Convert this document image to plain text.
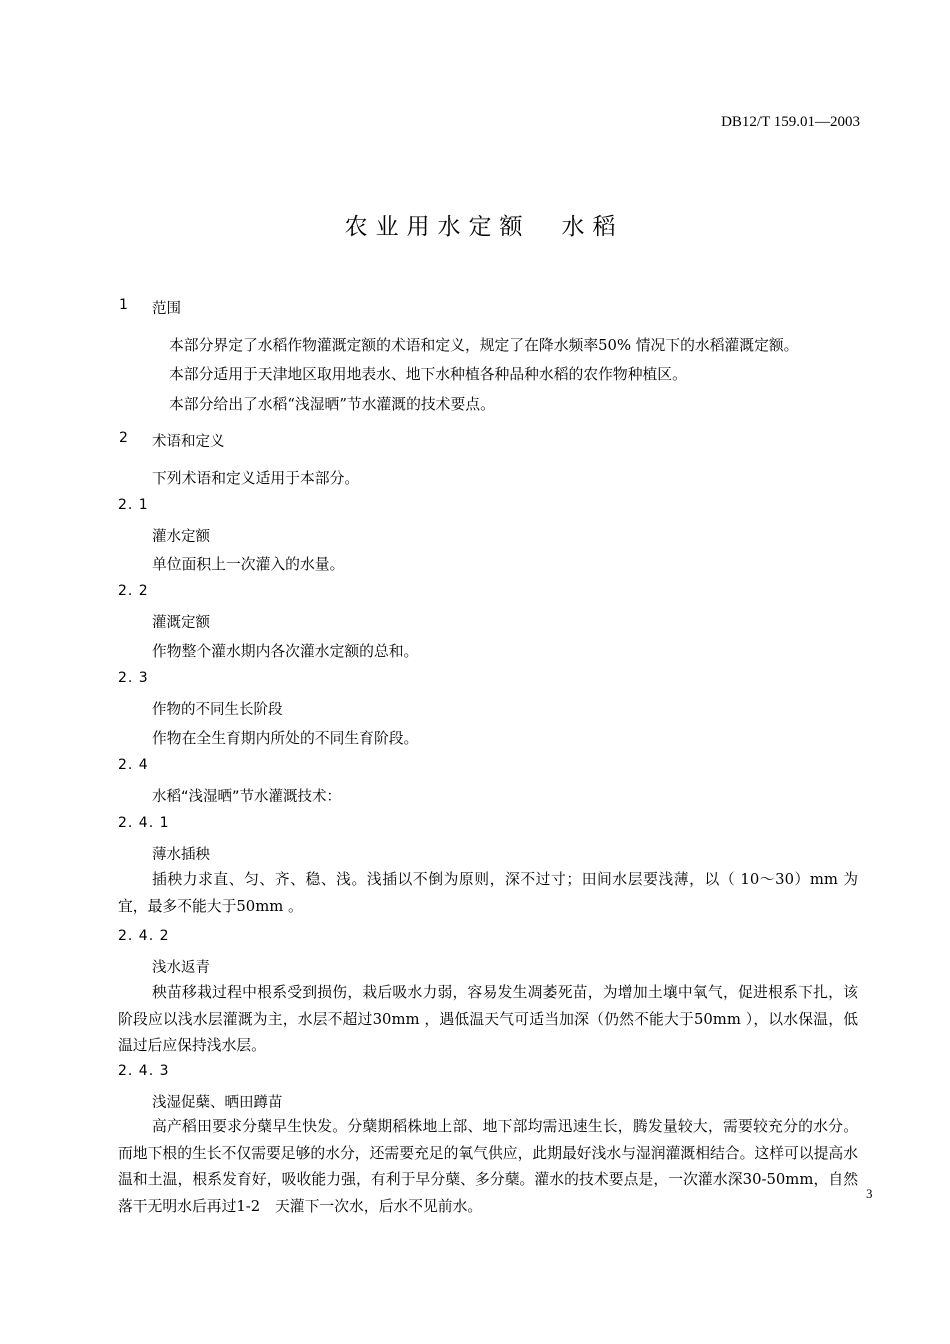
DB12/T 159.01—2003
农业用水定额　水稻
1 范围
本部分界定了水稻作物灌溉定额的术语和定义，规定了在降水频率50% 情况下的水稻灌溉定额。
本部分适用于天津地区取用地表水、地下水种植各种品种水稻的农作物种植区。
本部分给出了水稻“浅湿晒”节水灌溉的技术要点。
2 术语和定义
下列术语和定义适用于本部分。
2. 1
灌水定额
单位面积上一次灌入的水量。
2. 2
灌溉定额
作物整个灌水期内各次灌水定额的总和。
2. 3
作物的不同生长阶段
作物在全生育期内所处的不同生育阶段。
2. 4
水稻“浅湿晒”节水灌溉技术：
2. 4. 1
薄水插秧
插秧力求直、匀、齐、稳、浅。浅插以不倒为原则，深不过寸；田间水层要浅薄，以（ 10～30）mm 为宜，最多不能大于50mm 。
2. 4. 2
浅水返青
秧苗移栽过程中根系受到损伤，栽后吸水力弱，容易发生凋萎死苗，为增加土壤中氧气，促进根系下扎，该阶段应以浅水层灌溉为主，水层不超过30mm ，遇低温天气可适当加深（仍然不能大于50mm ），以水保温，低温过后应保持浅水层。
2. 4. 3
浅湿促蘖、晒田蹲苗
高产稻田要求分蘖早生快发。分蘖期稻株地上部、地下部均需迅速生长，腾发量较大，需要较充分的水分。而地下根的生长不仅需要足够的水分，还需要充足的氧气供应，此期最好浅水与湿润灌溉相结合。这样可以提高水温和土温，根系发育好，吸收能力强，有利于早分蘖、多分蘖。灌水的技术要点是，一次灌水深30-50mm，自然落干无明水后再过1-2　天灌下一次水，后水不见前水。
3
